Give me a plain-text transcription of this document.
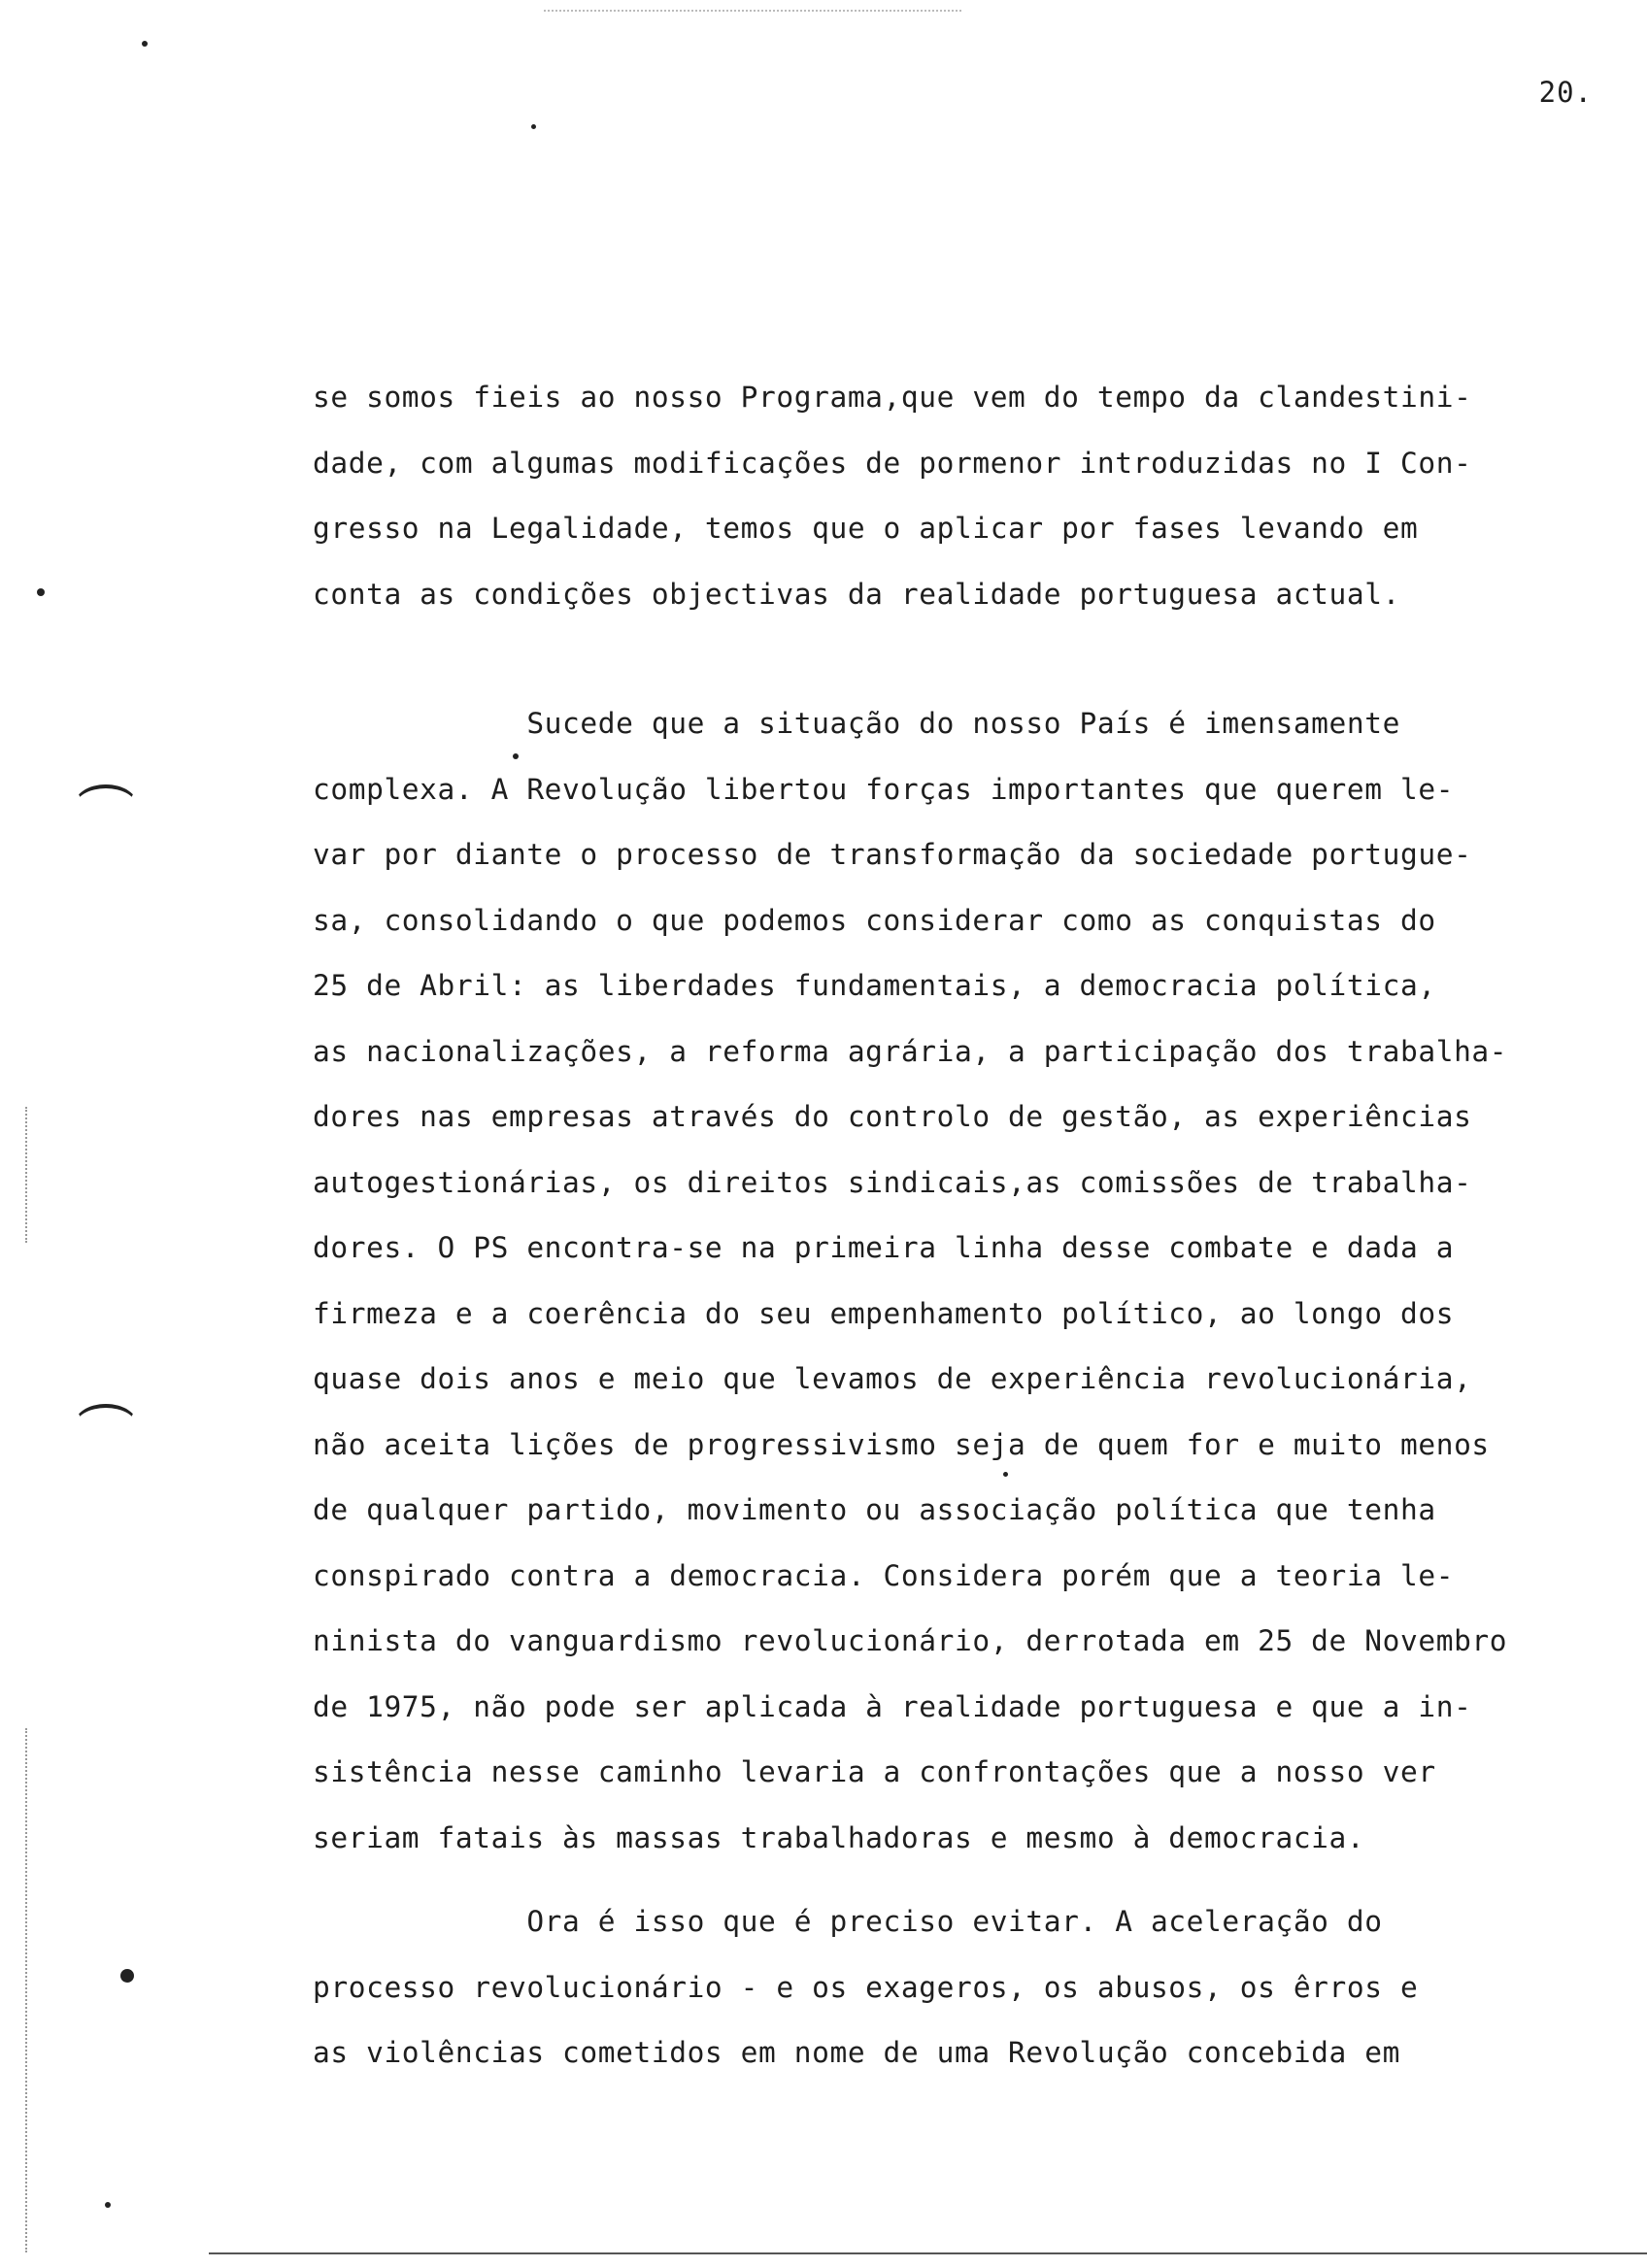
20.
se somos fieis ao nosso Programa,que vem do tempo da clandestini-
dade, com algumas modificações de pormenor introduzidas no I Con-
gresso na Legalidade, temos que o aplicar por fases levando em
conta as condições objectivas da realidade portuguesa actual.
Sucede que a situação do nosso País é imensamente
complexa. A Revolução libertou forças importantes que querem le-
var por diante o processo de transformação da sociedade portugue-
sa, consolidando o que podemos considerar como as conquistas do
25 de Abril: as liberdades fundamentais, a democracia política,
as nacionalizações, a reforma agrária, a participação dos trabalha-
dores nas empresas através do controlo de gestão, as experiências
autogestionárias, os direitos sindicais,as comissões de trabalha-
dores. O PS encontra-se na primeira linha desse combate e dada a
firmeza e a coerência do seu empenhamento político, ao longo dos
quase dois anos e meio que levamos de experiência revolucionária,
não aceita lições de progressivismo seja de quem for e muito menos
de qualquer partido, movimento ou associação política que tenha
conspirado contra a democracia. Considera porém que a teoria le-
ninista do vanguardismo revolucionário, derrotada em 25 de Novembro
de 1975, não pode ser aplicada à realidade portuguesa e que a in-
sistência nesse caminho levaria a confrontações que a nosso ver
seriam fatais às massas trabalhadoras e mesmo à democracia.
Ora é isso que é preciso evitar. A aceleração do
processo revolucionário - e os exageros, os abusos, os êrros e
as violências cometidos em nome de uma Revolução concebida em
